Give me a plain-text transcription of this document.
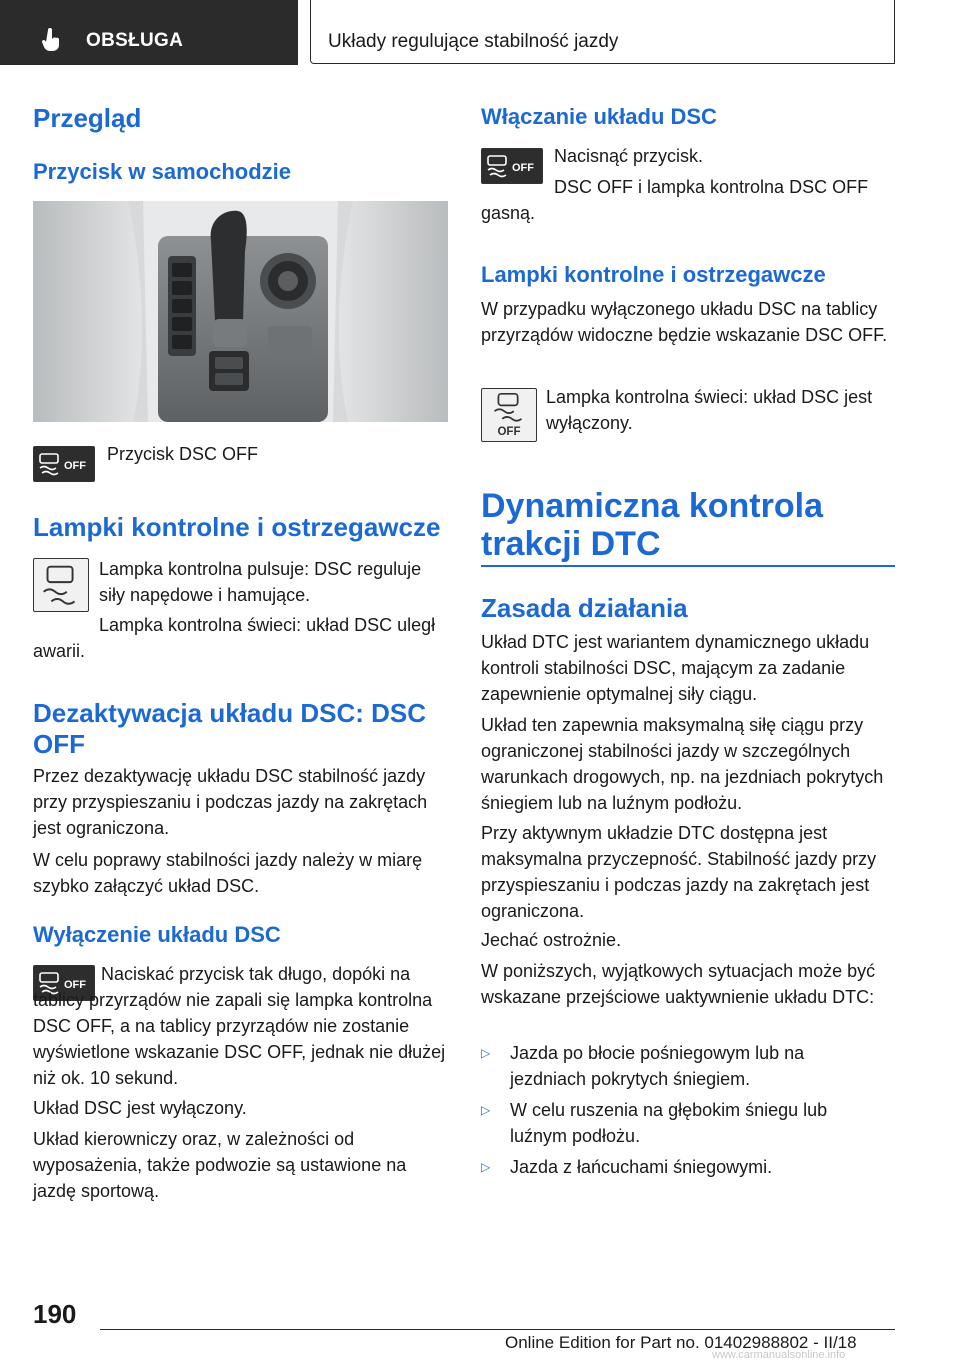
OBSŁUGA	Układy regulujące stabilność jazdy
Przegląd
Przycisk w samochodzie
OFF

Przycisk DSC OFF

Lampki kontrolne i ostrzegawcze

Lampka kontrolna pulsuje: DSC reguluje siły napędowe i hamujące.

Lampka kontrolna świeci: układ DSC uległ awarii.

Dezaktywacja układu DSC: DSC OFF

Przez dezaktywację układu DSC stabilność jazdy przy przyspieszaniu i podczas jazdy na zakrętach jest ograniczona.

W celu poprawy stabilności jazdy należy w miarę szybko załączyć układ DSC.

Wyłączenie układu DSC
OFF

Naciskać przycisk tak długo, dopóki na tablicy przyrządów nie zapali się lampka kontrolna DSC OFF, a na tablicy przyrządów nie zostanie wyświetlone wskazanie DSC OFF, jednak nie dłużej niż ok. 10 sekund.

Układ DSC jest wyłączony.

Układ kierowniczy oraz, w zależności od wyposażenia, także podwozie są ustawione na jazdę sportową.

Włączanie układu DSC
OFF

Nacisnąć przycisk.

DSC OFF i lampka kontrolna DSC OFF gasną.

Lampki kontrolne i ostrzegawcze

W przypadku wyłączonego układu DSC na tablicy przyrządów widoczne będzie wskazanie DSC OFF.

OFF

Lampka kontrolna świeci: układ DSC jest wyłączony.

Dynamiczna kontrola trakcji DTC
Zasada działania

Układ DTC jest wariantem dynamicznego układu kontroli stabilności DSC, mającym za zadanie zapewnienie optymalnej siły ciągu.

Układ ten zapewnia maksymalną siłę ciągu przy ograniczonej stabilności jazdy w szczególnych warunkach drogowych, np. na jezdniach pokrytych śniegiem lub na luźnym podłożu.

Przy aktywnym układzie DTC dostępna jest maksymalna przyczepność. Stabilność jazdy przy przyspieszaniu i podczas jazdy na zakrętach jest ograniczona.

Jechać ostrożnie.

W poniższych, wyjątkowych sytuacjach może być wskazane przejściowe uaktywnienie układu DTC:

▷ Jazda po błocie pośniegowym lub na jezdniach pokrytych śniegiem.
▷ W celu ruszenia na głębokim śniegu lub luźnym podłożu.
▷ Jazda z łańcuchami śniegowymi.
190
Online Edition for Part no. 01402988802 - II/18
www.carmanualsonline.info
